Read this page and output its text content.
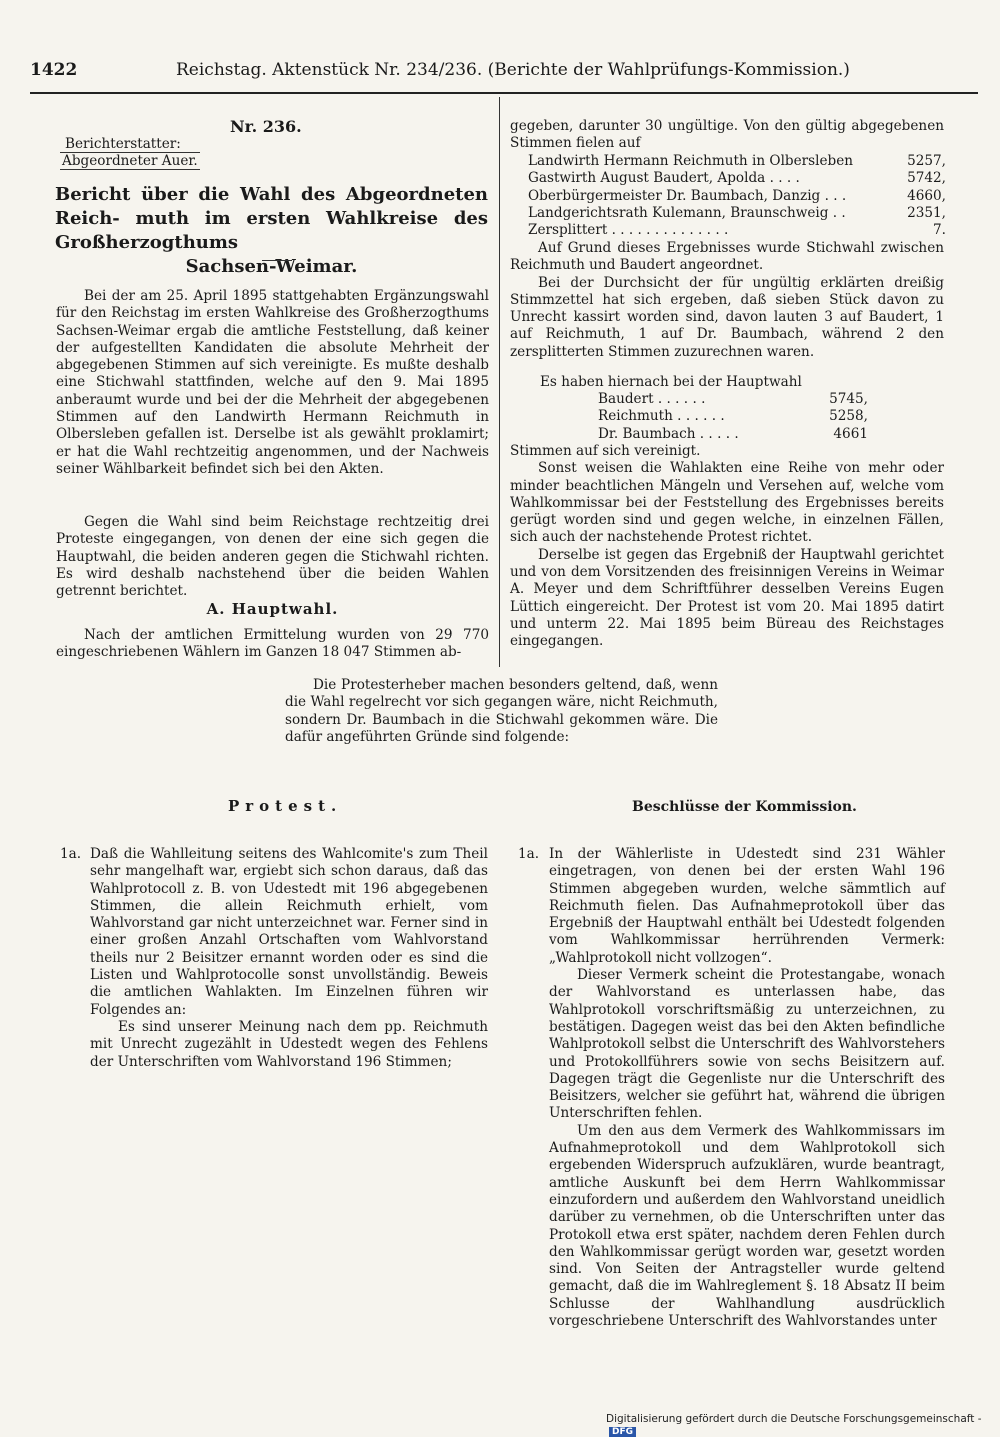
1422	Reichstag. Aktenstück Nr. 234/236. (Berichte der Wahlprüfungs-Kommission.)
Nr. 236.
Berichterstatter:
Abgeordneter Auer.
Bericht über die Wahl des Abgeordneten Reich- muth im ersten Wahlkreise des Großherzogthums
Sachsen-Weimar.

Bei der am 25. April 1895 stattgehabten Ergänzungswahl für den Reichstag im ersten Wahlkreise des Großherzogthums Sachsen-Weimar ergab die amtliche Feststellung, daß keiner der aufgestellten Kandidaten die absolute Mehrheit der abgegebenen Stimmen auf sich vereinigte. Es mußte deshalb eine Stichwahl stattfinden, welche auf den 9. Mai 1895 anberaumt wurde und bei der die Mehrheit der abgegebenen Stimmen auf den Landwirth Hermann Reichmuth in Olbersleben gefallen ist. Derselbe ist als gewählt proklamirt; er hat die Wahl rechtzeitig angenommen, und der Nachweis seiner Wählbarkeit befindet sich bei den Akten.

Gegen die Wahl sind beim Reichstage rechtzeitig drei Proteste eingegangen, von denen der eine sich gegen die Hauptwahl, die beiden anderen gegen die Stichwahl richten. Es wird deshalb nachstehend über die beiden Wahlen getrennt berichtet.

A. Hauptwahl.

Nach der amtlichen Ermittelung wurden von 29 770 eingeschriebenen Wählern im Ganzen 18 047 Stimmen ab-

gegeben, darunter 30 ungültige. Von den gültig abgegebenen Stimmen fielen auf

Landwirth Hermann Reichmuth in Olbersleben	5257,
Gastwirth August Baudert, Apolda . . . .	5742,
Oberbürgermeister Dr. Baumbach, Danzig . . .	4660,
Landgerichtsrath Kulemann, Braunschweig . .	2351,
Zersplittert . . . . . . . . . . . . . .	7.
Auf Grund dieses Ergebnisses wurde Stichwahl zwischen Reichmuth und Baudert angeordnet.
Bei der Durchsicht der für ungültig erklärten dreißig Stimmzettel hat sich ergeben, daß sieben Stück davon zu Unrecht kassirt worden sind, davon lauten 3 auf Baudert, 1 auf Reichmuth, 1 auf Dr. Baumbach, während 2 den zersplitterten Stimmen zuzurechnen waren.
Es haben hiernach bei der Hauptwahl
Baudert . . . . . .	5745,
Reichmuth . . . . . .	5258,
Dr. Baumbach . . . . .	4661
Stimmen auf sich vereinigt.
Sonst weisen die Wahlakten eine Reihe von mehr oder minder beachtlichen Mängeln und Versehen auf, welche vom Wahlkommissar bei der Feststellung des Ergebnisses bereits gerügt worden sind und gegen welche, in einzelnen Fällen, sich auch der nachstehende Protest richtet.
Derselbe ist gegen das Ergebniß der Hauptwahl gerichtet und von dem Vorsitzenden des freisinnigen Vereins in Weimar A. Meyer und dem Schriftführer desselben Vereins Eugen Lüttich eingereicht. Der Protest ist vom 20. Mai 1895 datirt und unterm 22. Mai 1895 beim Büreau des Reichstages eingegangen.

Die Protesterheber machen besonders geltend, daß, wenn die Wahl regelrecht vor sich gegangen wäre, nicht Reichmuth, sondern Dr. Baumbach in die Stichwahl gekommen wäre. Die dafür angeführten Gründe sind folgende:

Protest.	Beschlüsse der Kommission.
1a. Daß die Wahlleitung seitens des Wahlcomite's zum Theil sehr mangelhaft war, ergiebt sich schon daraus, daß das Wahlprotocoll z. B. von Udestedt mit 196 abgegebenen Stimmen, die allein Reichmuth erhielt, vom Wahlvorstand gar nicht unterzeichnet war. Ferner sind in einer großen Anzahl Ortschaften vom Wahlvorstand theils nur 2 Beisitzer ernannt worden oder es sind die Listen und Wahlprotocolle sonst unvollständig. Beweis die amtlichen Wahlakten. Im Einzelnen führen wir Folgendes an:
Es sind unserer Meinung nach dem pp. Reichmuth mit Unrecht zugezählt in Udestedt wegen des Fehlens der Unterschriften vom Wahlvorstand 196 Stimmen;
1a. In der Wählerliste in Udestedt sind 231 Wähler eingetragen, von denen bei der ersten Wahl 196 Stimmen abgegeben wurden, welche sämmtlich auf Reichmuth fielen. Das Aufnahmeprotokoll über das Ergebniß der Hauptwahl enthält bei Udestedt folgenden vom Wahlkommissar herrührenden Vermerk: „Wahlprotokoll nicht vollzogen“.
Dieser Vermerk scheint die Protestangabe, wonach der Wahlvorstand es unterlassen habe, das Wahlprotokoll vorschriftsmäßig zu unterzeichnen, zu bestätigen. Dagegen weist das bei den Akten befindliche Wahlprotokoll selbst die Unterschrift des Wahlvorstehers und Protokollführers sowie von sechs Beisitzern auf. Dagegen trägt die Gegenliste nur die Unterschrift des Beisitzers, welcher sie geführt hat, während die übrigen Unterschriften fehlen.
Um den aus dem Vermerk des Wahlkommissars im Aufnahmeprotokoll und dem Wahlprotokoll sich ergebenden Widerspruch aufzuklären, wurde beantragt, amtliche Auskunft bei dem Herrn Wahlkommissar einzufordern und außerdem den Wahlvorstand uneidlich darüber zu vernehmen, ob die Unterschriften unter das Protokoll etwa erst später, nachdem deren Fehlen durch den Wahlkommissar gerügt worden war, gesetzt worden sind. Von Seiten der Antragsteller wurde geltend gemacht, daß die im Wahlreglement §. 18 Absatz II beim Schlusse der Wahlhandlung ausdrücklich vorgeschriebene Unterschrift des Wahlvorstandes unter
Digitalisierung gefördert durch die Deutsche Forschungsgemeinschaft - DFG
